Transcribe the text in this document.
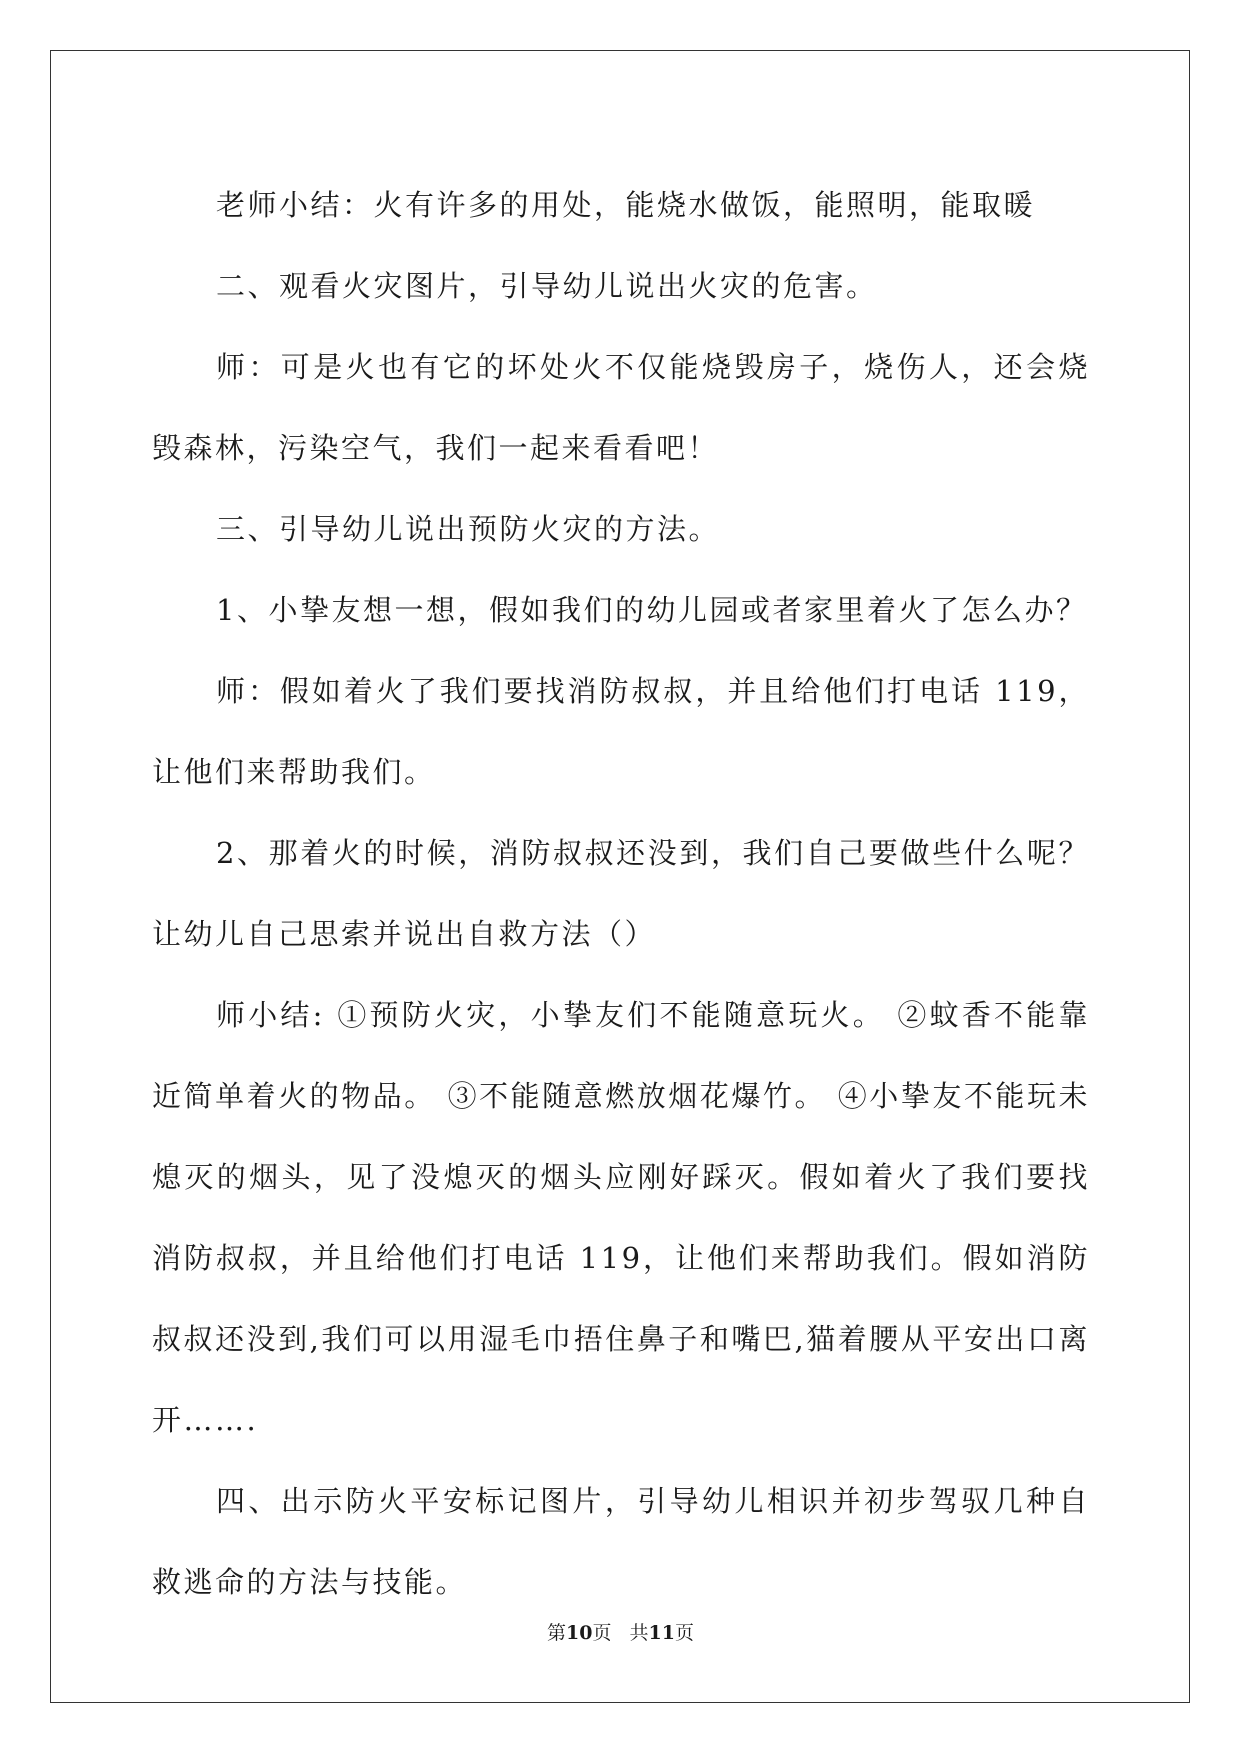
老师小结：火有许多的用处，能烧水做饭，能照明，能取暖

二、观看火灾图片，引导幼儿说出火灾的危害。

师：可是火也有它的坏处火不仅能烧毁房子，烧伤人，还会烧毁森林，污染空气，我们一起来看看吧！

三、引导幼儿说出预防火灾的方法。

1、小挚友想一想，假如我们的幼儿园或者家里着火了怎么办？

师：假如着火了我们要找消防叔叔，并且给他们打电话 119，让他们来帮助我们。

2、那着火的时候，消防叔叔还没到，我们自己要做些什么呢？让幼儿自己思索并说出自救方法（）

师小结: ①预防火灾，小挚友们不能随意玩火。 ②蚊香不能靠近简单着火的物品。 ③不能随意燃放烟花爆竹。 ④小挚友不能玩未熄灭的烟头，见了没熄灭的烟头应刚好踩灭。假如着火了我们要找消防叔叔，并且给他们打电话 119，让他们来帮助我们。假如消防叔叔还没到,我们可以用湿毛巾捂住鼻子和嘴巴,猫着腰从平安出口离开…….

四、出示防火平安标记图片，引导幼儿相识并初步驾驭几种自救逃命的方法与技能。

第10页 共11页
